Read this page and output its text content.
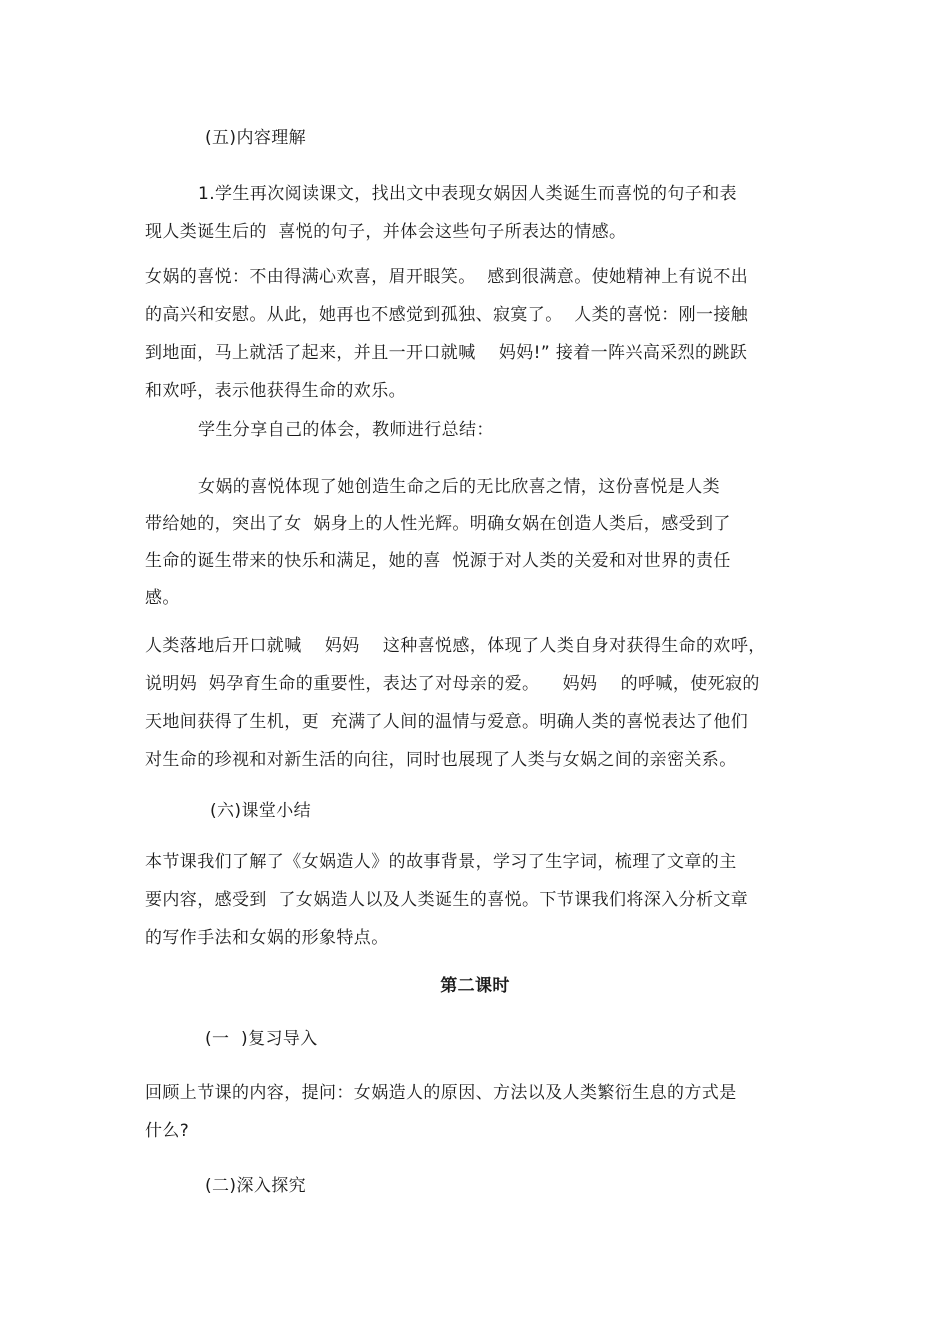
(五)内容理解
1.学生再次阅读课文，找出文中表现女娲因人类诞生而喜悦的句子和表
现人类诞生后的  喜悦的句子，并体会这些句子所表达的情感。
女娲的喜悦：不由得满心欢喜，眉开眼笑。  感到很满意。使她精神上有说不出
的高兴和安慰。从此，她再也不感觉到孤独、寂寞了。  人类的喜悦：刚一接触
到地面，马上就活了起来，并且一开口就喊    妈妈!” 接着一阵兴高采烈的跳跃
和欢呼，表示他获得生命的欢乐。
学生分享自己的体会，教师进行总结：
女娲的喜悦体现了她创造生命之后的无比欣喜之情，这份喜悦是人类
带给她的，突出了女  娲身上的人性光辉。明确女娲在创造人类后，感受到了
生命的诞生带来的快乐和满足，她的喜  悦源于对人类的关爱和对世界的责任
感。
人类落地后开口就喊    妈妈    这种喜悦感，体现了人类自身对获得生命的欢呼，
说明妈  妈孕育生命的重要性，表达了对母亲的爱。    妈妈    的呼喊，使死寂的
天地间获得了生机，更  充满了人间的温情与爱意。明确人类的喜悦表达了他们
对生命的珍视和对新生活的向往，同时也展现了人类与女娲之间的亲密关系。
(六)课堂小结
本节课我们了解了《女娲造人》的故事背景，学习了生字词，梳理了文章的主
要内容，感受到  了女娲造人以及人类诞生的喜悦。下节课我们将深入分析文章
的写作手法和女娲的形象特点。
第二课时
(一  )复习导入
回顾上节课的内容，提问：女娲造人的原因、方法以及人类繁衍生息的方式是
什么?
(二)深入探究
